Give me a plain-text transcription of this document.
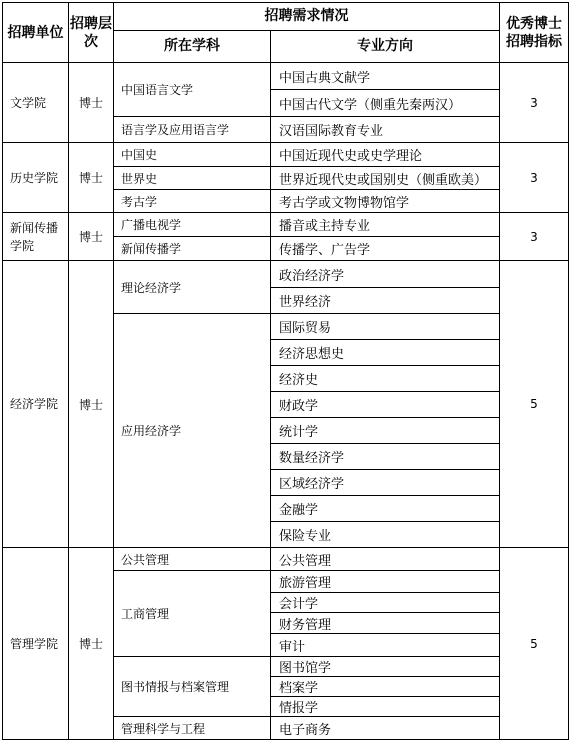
招聘单位	招聘层次	招聘需求情况		优秀博士招聘指标
		所在学科	专业方向	
文学院	博士	中国语言文学	中国古典文献学	3
			中国古代文学（侧重先秦两汉）	
		语言学及应用语言学	汉语国际教育专业	
历史学院	博士	中国史	中国近现代史或史学理论	3
		世界史	世界近现代史或国别史（侧重欧美）	
		考古学	考古学或文物博物馆学	
新闻传播学院	博士	广播电视学	播音或主持专业	3
		新闻传播学	传播学、广告学	
经济学院	博士	理论经济学	政治经济学	5
			世界经济	
		应用经济学	国际贸易	
			经济思想史	
			经济史	
			财政学	
			统计学	
			数量经济学	
			区域经济学	
			金融学	
			保险专业	
管理学院	博士	公共管理	公共管理	5
		工商管理	旅游管理	
			会计学	
			财务管理	
			审计	
		图书情报与档案管理	图书馆学	
			档案学	
			情报学	
		管理科学与工程	电子商务	
